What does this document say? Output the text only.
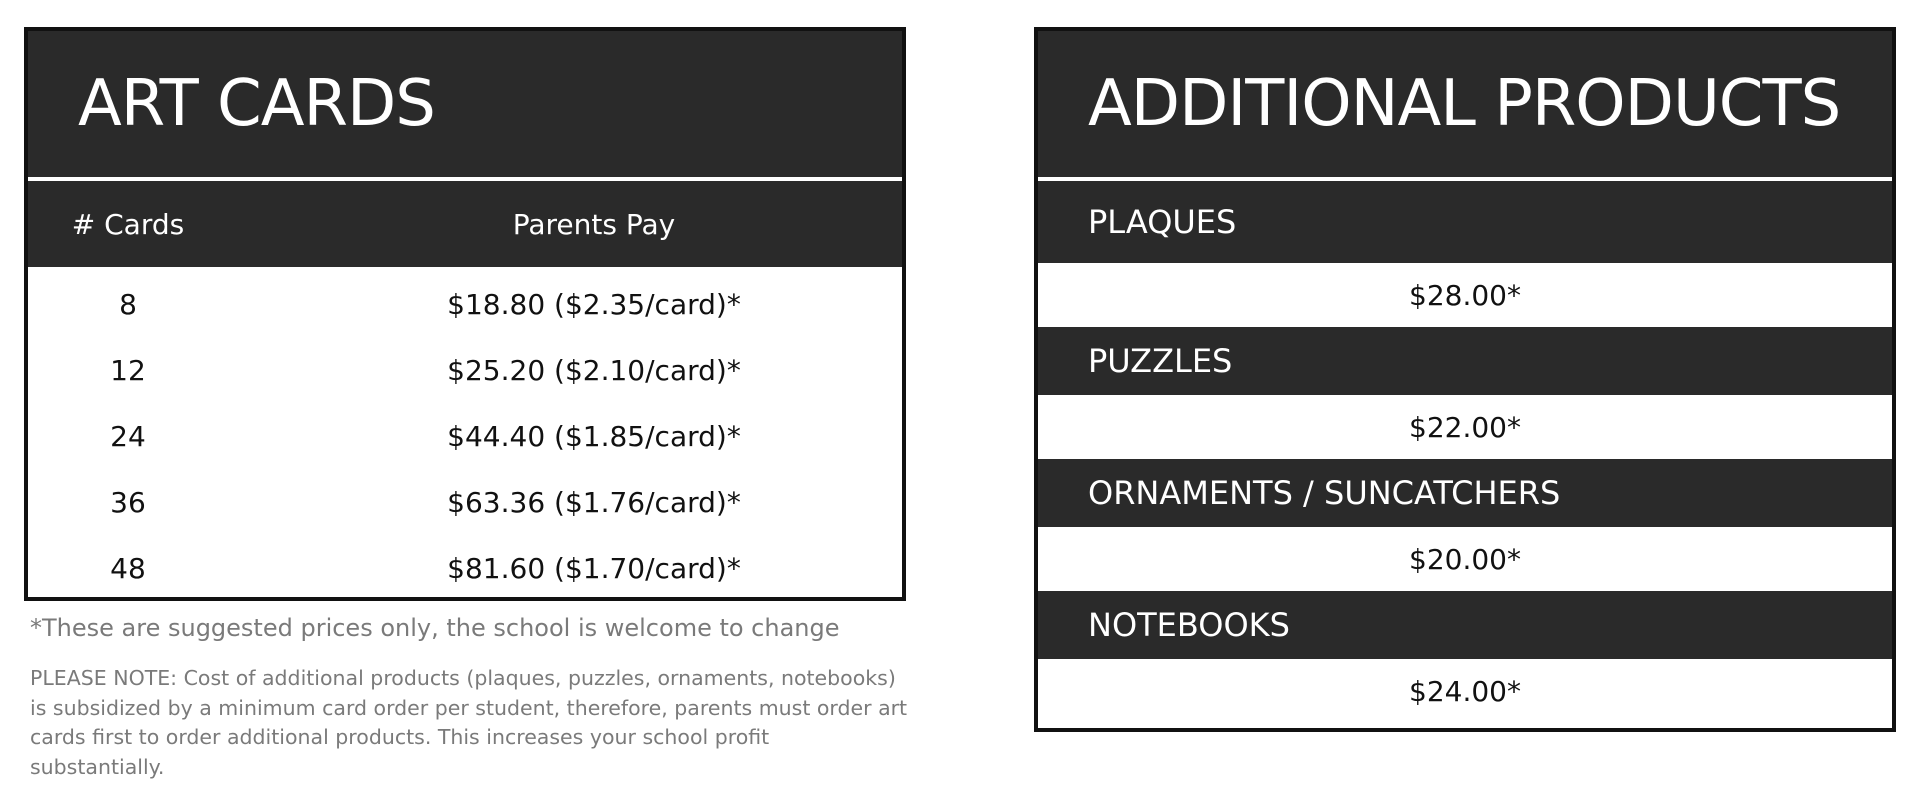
ART CARDS
# Cards	Parents Pay
8	$18.80 ($2.35/card)*
12	$25.20 ($2.10/card)*
24	$44.40 ($1.85/card)*
36	$63.36 ($1.76/card)*
48	$81.60 ($1.70/card)*

*These are suggested prices only, the school is welcome to change

PLEASE NOTE: Cost of additional products (plaques, puzzles, ornaments, notebooks) is subsidized by a minimum card order per student, therefore, parents must order art cards first to order additional products. This increases your school profit substantially.

ADDITIONAL PRODUCTS
PLAQUES
$28.00*
PUZZLES
$22.00*
ORNAMENTS / SUNCATCHERS
$20.00*
NOTEBOOKS
$24.00*
